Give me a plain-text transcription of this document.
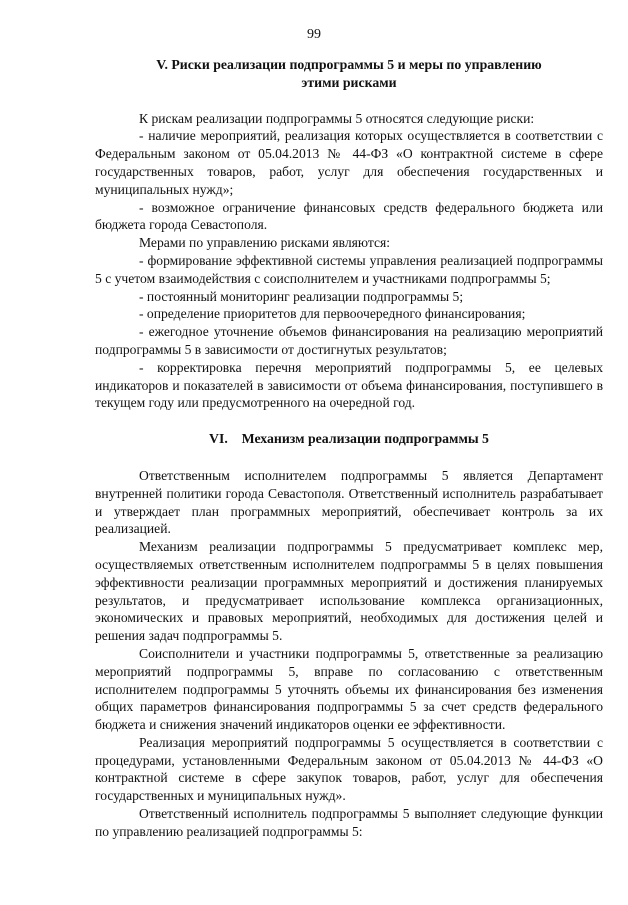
99
V. Риски реализации подпрограммы 5 и меры по управлению
этими рисками

К рискам реализации подпрограммы 5 относятся следующие риски:

- наличие мероприятий, реализация которых осуществляется в соответствии с Федеральным законом от 05.04.2013 № 44-ФЗ «О контрактной системе в сфере государственных товаров, работ, услуг для обеспечения государственных и муниципальных нужд»;

- возможное ограничение финансовых средств федерального бюджета или бюджета города Севастополя.

Мерами по управлению рисками являются:

- формирование эффективной системы управления реализацией подпрограммы 5 с учетом взаимодействия с соисполнителем и участниками подпрограммы 5;

- постоянный мониторинг реализации подпрограммы 5;

- определение приоритетов для первоочередного финансирования;

- ежегодное уточнение объемов финансирования на реализацию мероприятий подпрограммы 5 в зависимости от достигнутых результатов;

- корректировка перечня мероприятий подпрограммы 5, ее целевых индикаторов и показателей в зависимости от объема финансирования, поступившего в текущем году или предусмотренного на очередной год.

VI.    Механизм реализации подпрограммы 5

Ответственным исполнителем подпрограммы 5 является Департамент внутренней политики города Севастополя. Ответственный исполнитель разрабатывает и утверждает план программных мероприятий, обеспечивает контроль за их реализацией.

Механизм реализации подпрограммы 5 предусматривает комплекс мер, осуществляемых ответственным исполнителем подпрограммы 5 в целях повышения эффективности реализации программных мероприятий и достижения планируемых результатов, и предусматривает использование комплекса организационных, экономических и правовых мероприятий, необходимых для достижения целей и решения задач подпрограммы 5.

Соисполнители и участники подпрограммы 5, ответственные за реализацию мероприятий подпрограммы 5, вправе по согласованию с ответственным исполнителем подпрограммы 5 уточнять объемы их финансирования без изменения общих параметров финансирования подпрограммы 5 за счет средств федерального бюджета и снижения значений индикаторов оценки ее эффективности.

Реализация мероприятий подпрограммы 5 осуществляется в соответствии с процедурами, установленными Федеральным законом от 05.04.2013 № 44-ФЗ «О контрактной системе в сфере закупок товаров, работ, услуг для обеспечения государственных и муниципальных нужд».

Ответственный исполнитель подпрограммы 5 выполняет следующие функции по управлению реализацией подпрограммы 5:
